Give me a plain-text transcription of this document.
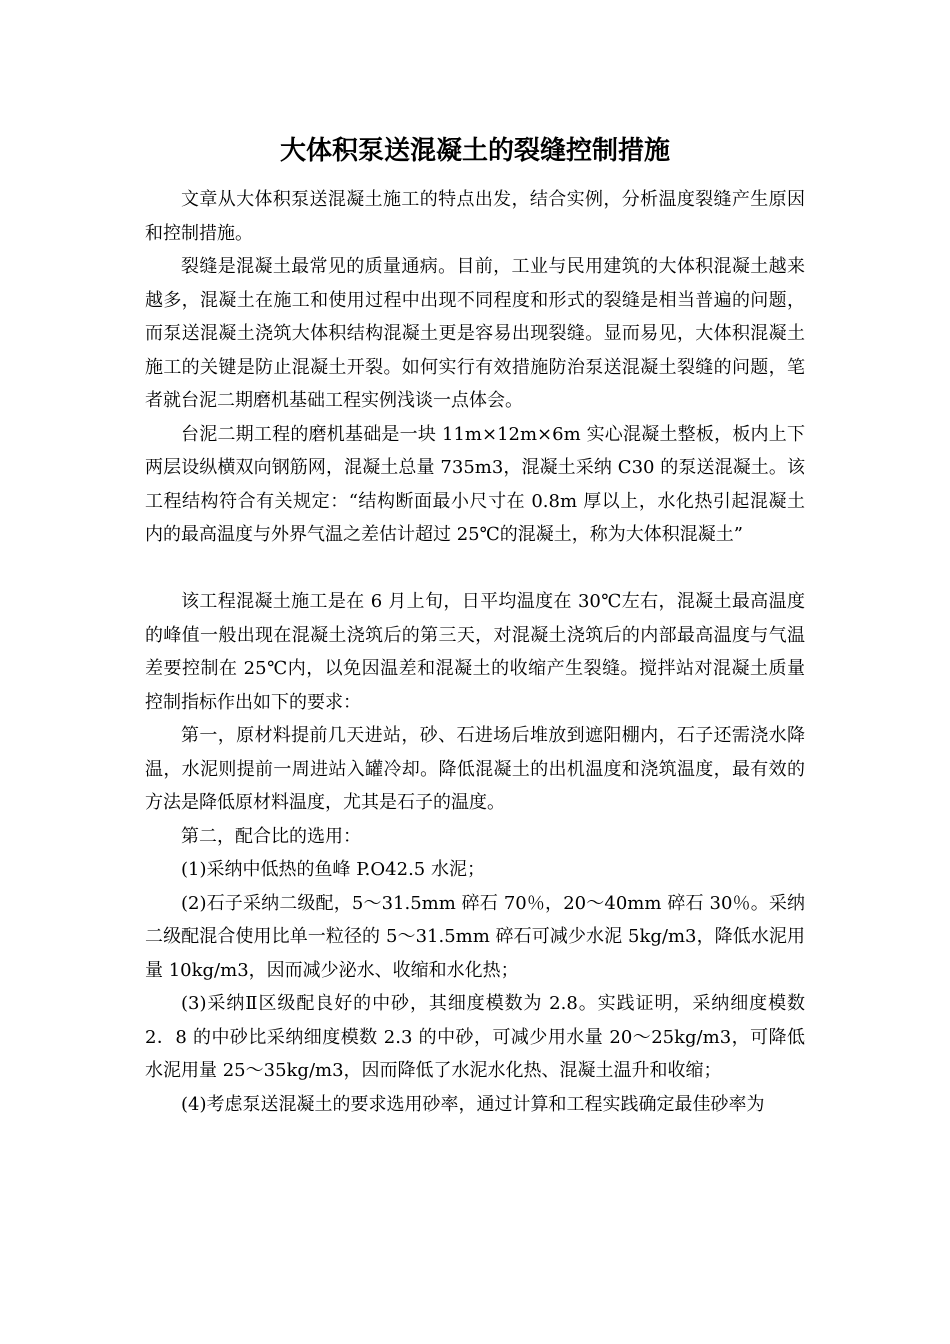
大体积泵送混凝土的裂缝控制措施

文章从大体积泵送混凝土施工的特点出发，结合实例，分析温度裂缝产生原因和控制措施。

裂缝是混凝土最常见的质量通病。目前，工业与民用建筑的大体积混凝土越来越多，混凝土在施工和使用过程中出现不同程度和形式的裂缝是相当普遍的问题，而泵送混凝土浇筑大体积结构混凝土更是容易出现裂缝。显而易见，大体积混凝土施工的关键是防止混凝土开裂。如何实行有效措施防治泵送混凝土裂缝的问题，笔者就台泥二期磨机基础工程实例浅谈一点体会。

台泥二期工程的磨机基础是一块 11m×12m×6m 实心混凝土整板，板内上下两层设纵横双向钢筋网，混凝土总量 735m3，混凝土采纳 C30 的泵送混凝土。该工程结构符合有关规定：“结构断面最小尺寸在 0.8m 厚以上，水化热引起混凝土内的最高温度与外界气温之差估计超过 25℃的混凝土，称为大体积混凝土”

该工程混凝土施工是在 6 月上旬，日平均温度在 30℃左右，混凝土最高温度的峰值一般出现在混凝土浇筑后的第三天，对混凝土浇筑后的内部最高温度与气温差要控制在 25℃内，以免因温差和混凝土的收缩产生裂缝。搅拌站对混凝土质量控制指标作出如下的要求：

第一，原材料提前几天进站，砂、石进场后堆放到遮阳棚内，石子还需浇水降温，水泥则提前一周进站入罐冷却。降低混凝土的出机温度和浇筑温度，最有效的方法是降低原材料温度，尤其是石子的温度。

第二，配合比的选用：

(1)采纳中低热的鱼峰 P.O42.5 水泥；

(2)石子采纳二级配，5～31.5mm 碎石 70％，20～40mm 碎石 30％。采纳二级配混合使用比单一粒径的 5～31.5mm 碎石可减少水泥 5kg/m3，降低水泥用量 10kg/m3，因而减少泌水、收缩和水化热；

(3)采纳Ⅱ区级配良好的中砂，其细度模数为 2.8。实践证明，采纳细度模数 2．8 的中砂比采纳细度模数 2.3 的中砂，可减少用水量 20～25kg/m3，可降低水泥用量 25～35kg/m3，因而降低了水泥水化热、混凝土温升和收缩；

(4)考虑泵送混凝土的要求选用砂率，通过计算和工程实践确定最佳砂率为
